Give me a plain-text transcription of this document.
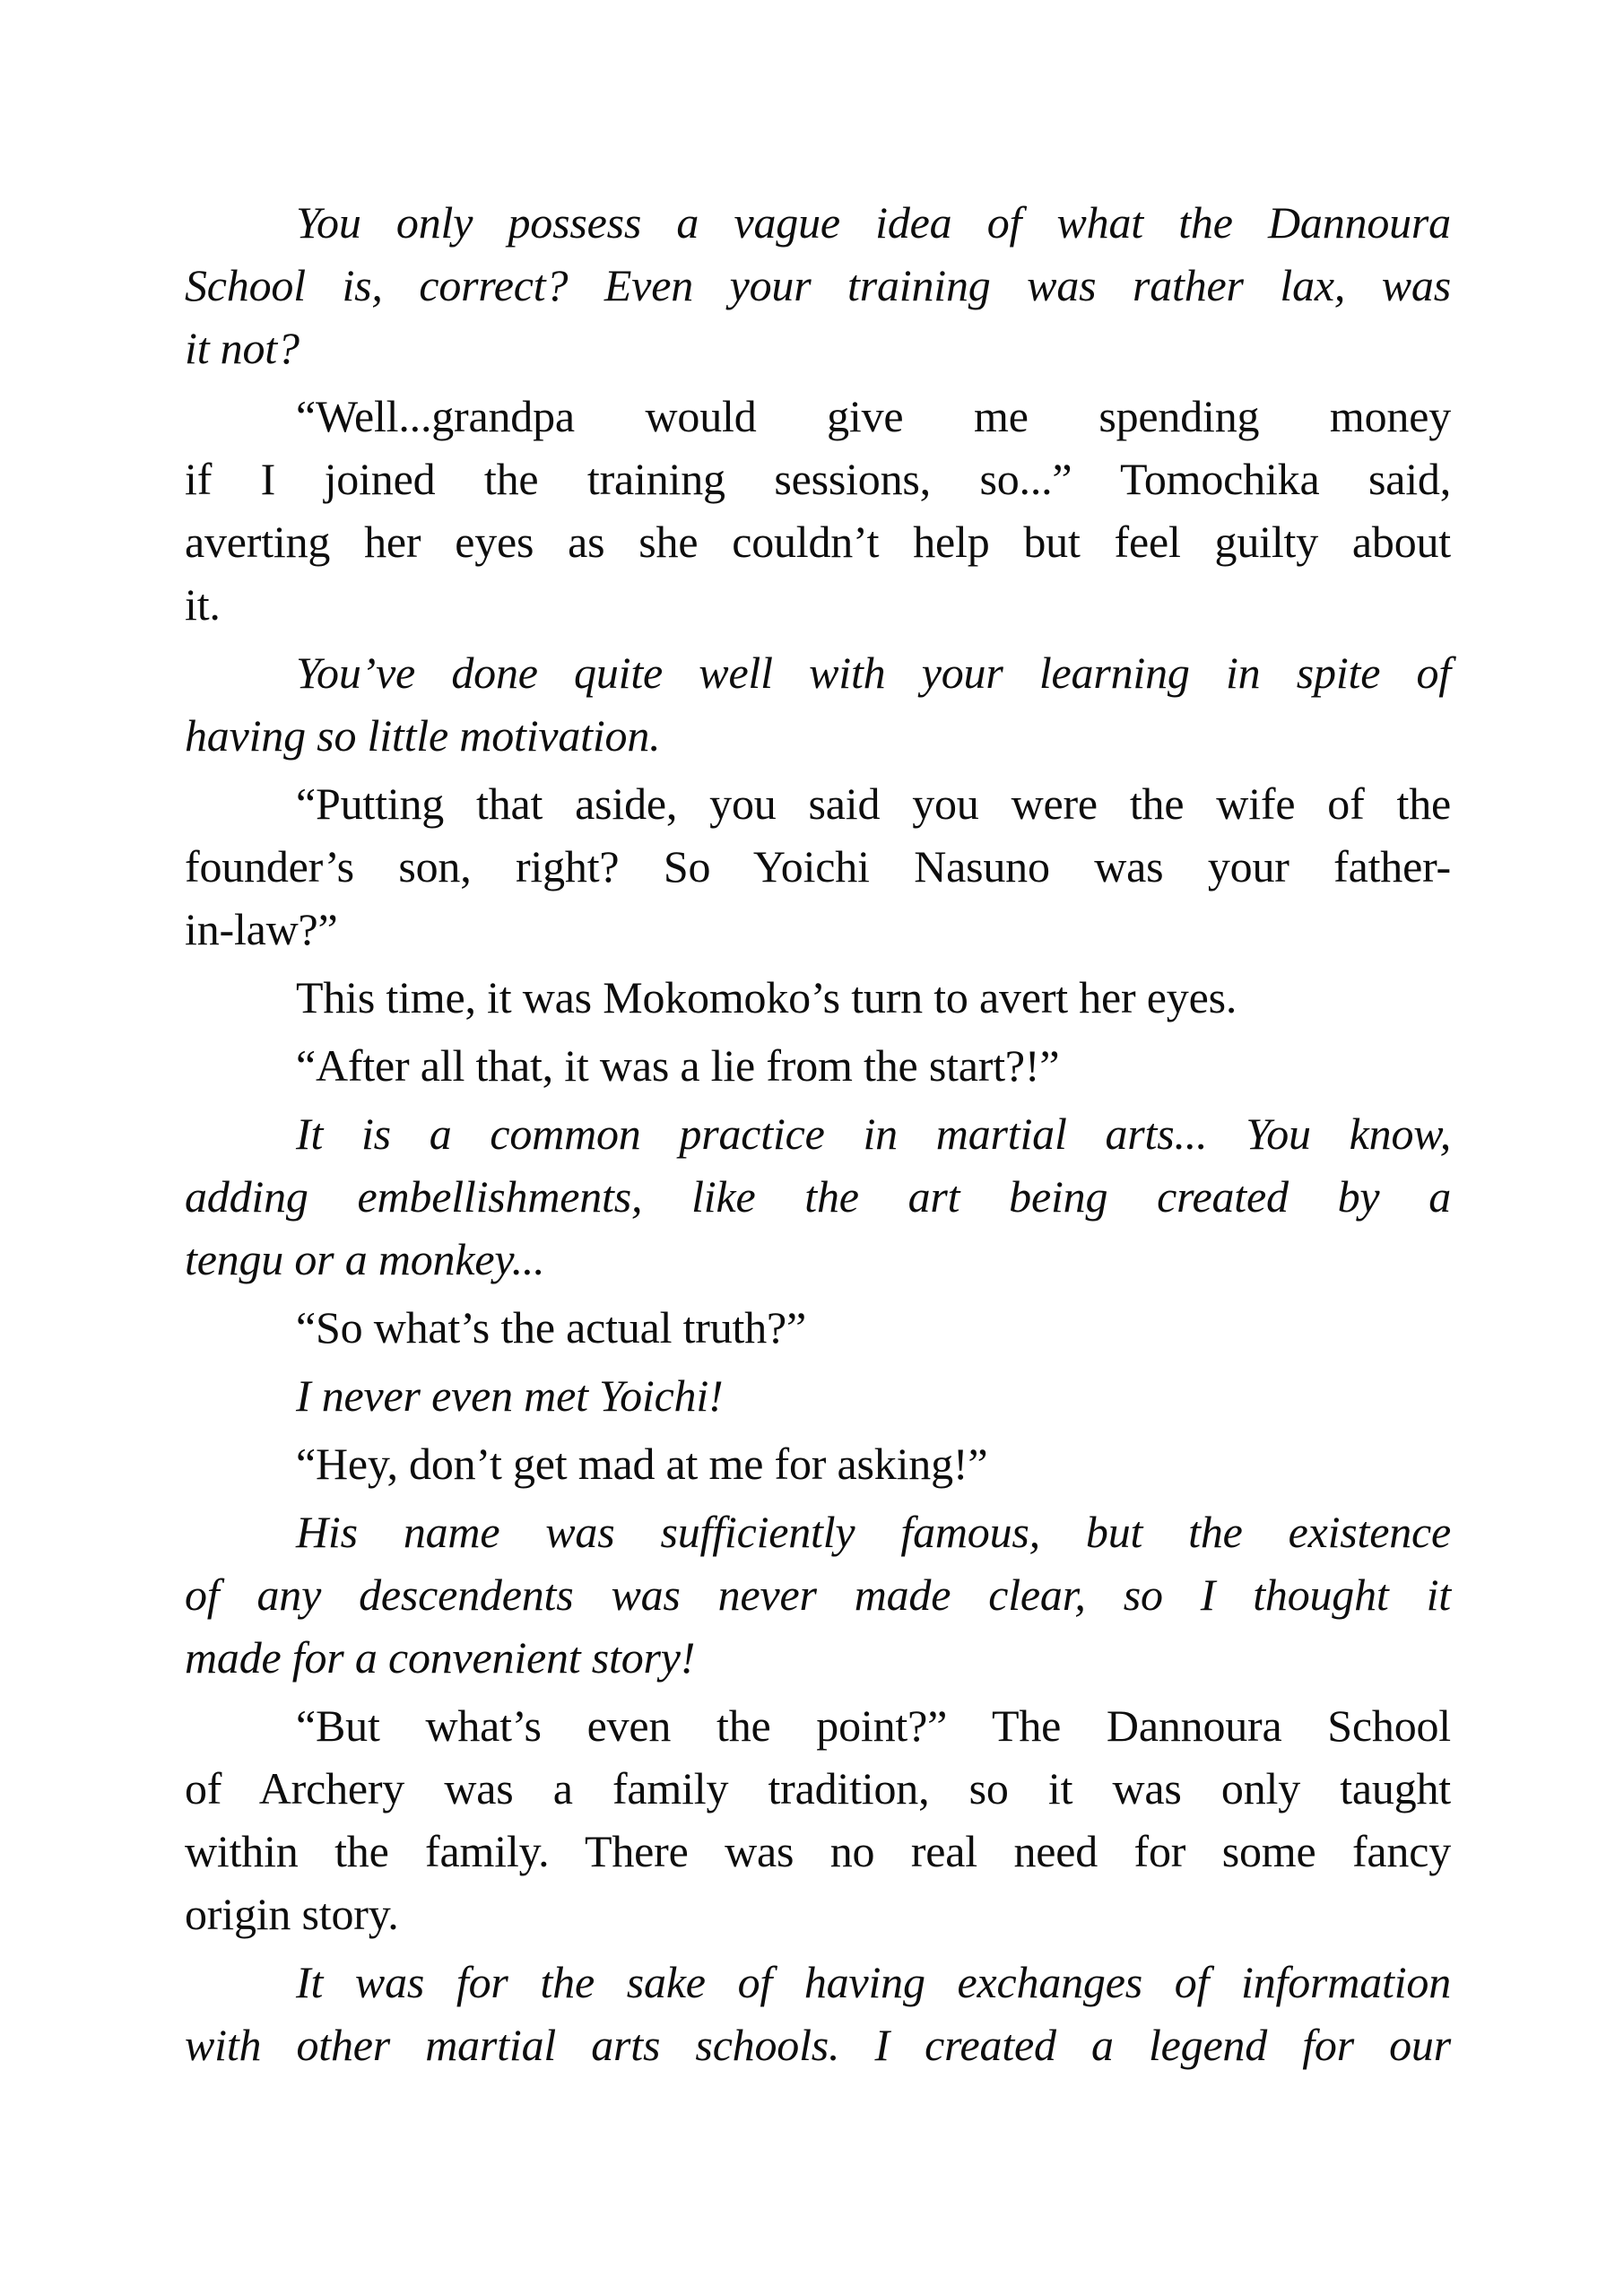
You only possess a vague idea of what the Dannoura
School is, correct? Even your training was rather lax, was
it not?
“Well...grandpa would give me spending money
if I joined the training sessions, so...” Tomochika said,
averting her eyes as she couldn’t help but feel guilty about
it.
You’ve done quite well with your learning in spite of
having so little motivation.
“Putting that aside, you said you were the wife of the
founder’s son, right? So Yoichi Nasuno was your father-
in-law?”
This time, it was Mokomoko’s turn to avert her eyes.
“After all that, it was a lie from the start?!”
It is a common practice in martial arts... You know,
adding embellishments, like the art being created by a
tengu or a monkey...
“So what’s the actual truth?”
I never even met Yoichi!
“Hey, don’t get mad at me for asking!”
His name was sufficiently famous, but the existence
of any descendents was never made clear, so I thought it
made for a convenient story!
“But what’s even the point?” The Dannoura School
of Archery was a family tradition, so it was only taught
within the family. There was no real need for some fancy
origin story.
It was for the sake of having exchanges of information
with other martial arts schools. I created a legend for our
